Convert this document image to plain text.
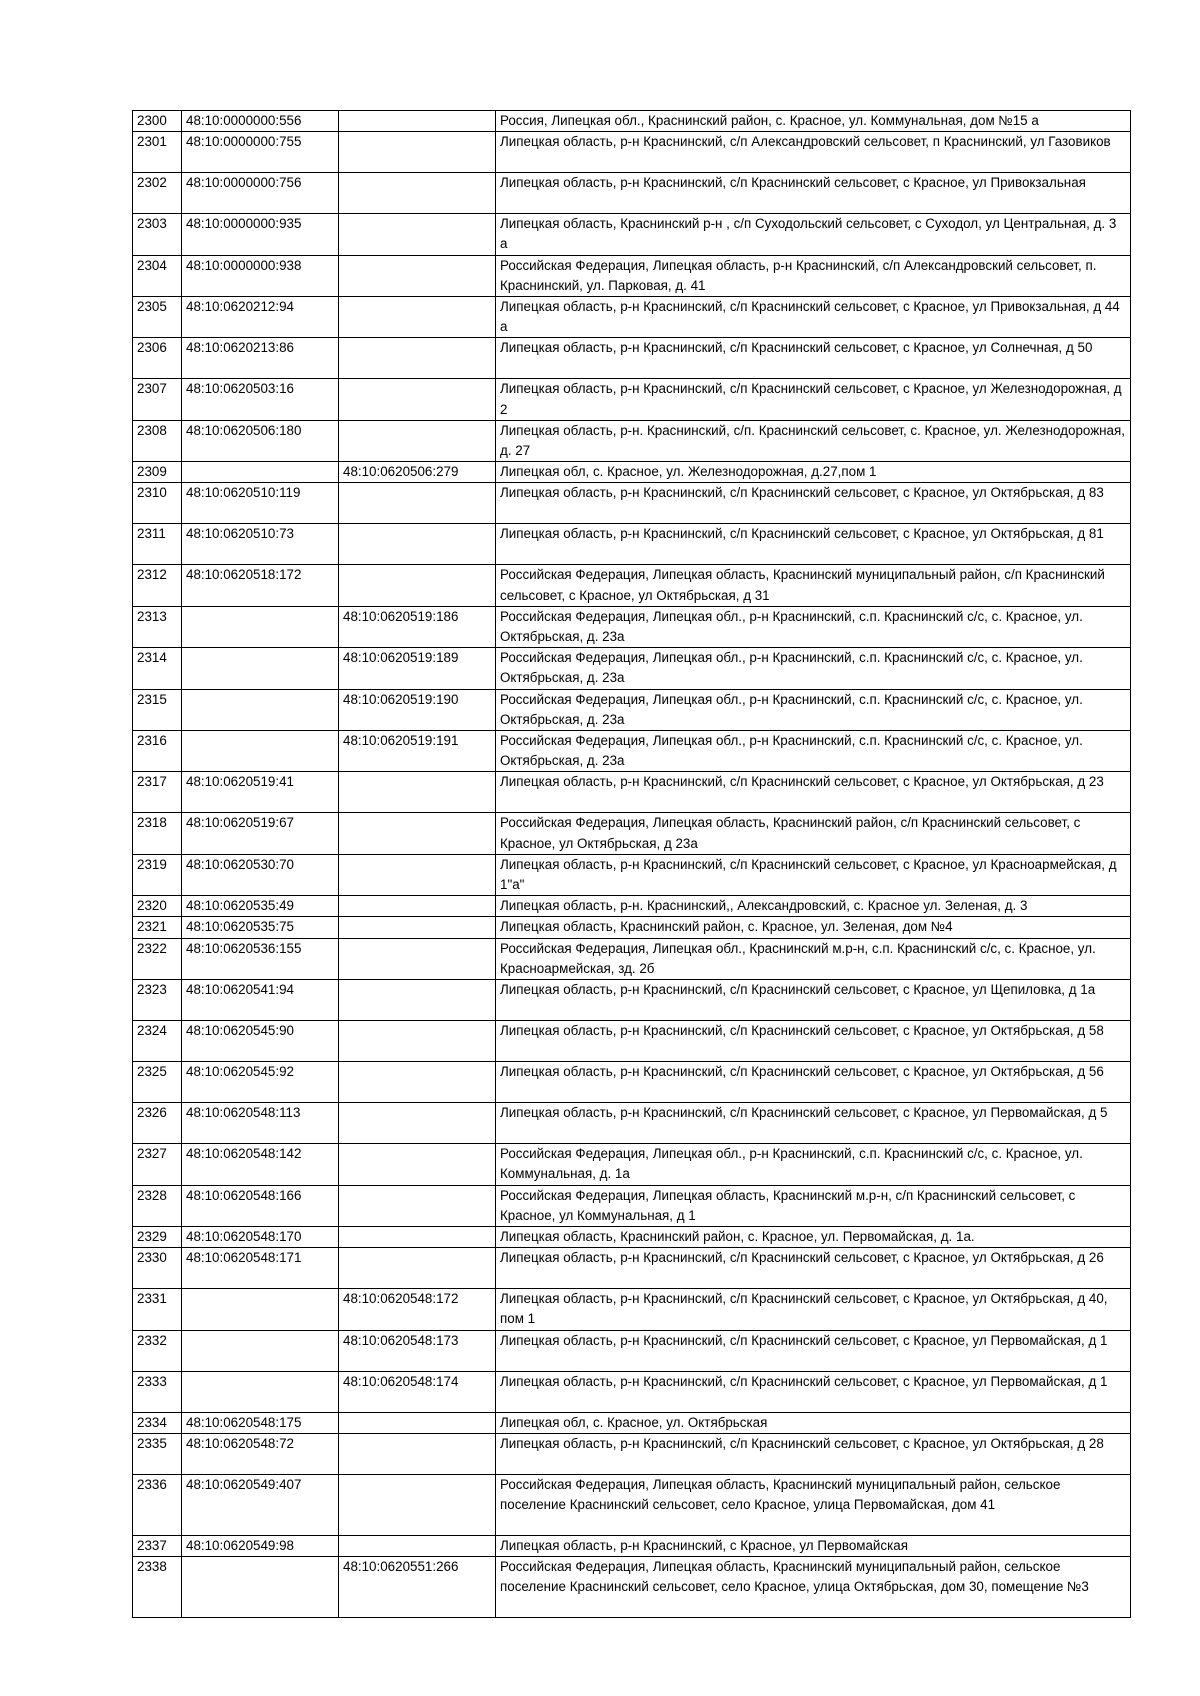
2300	48:10:0000000:556		Россия, Липецкая обл., Краснинский район, с. Красное, ул. Коммунальная, дом №15 а
2301	48:10:0000000:755		Липецкая область, р-н Краснинский, с/п Александровский сельсовет, п Краснинский, ул Газовиков
2302	48:10:0000000:756		Липецкая область, р-н Краснинский, с/п Краснинский сельсовет, с Красное, ул Привокзальная
2303	48:10:0000000:935		Липецкая область, Краснинский р-н , с/п Суходольский сельсовет, с Суходол, ул Центральная, д. 3 а
2304	48:10:0000000:938		Российская Федерация, Липецкая область, р-н Краснинский, с/п Александровский сельсовет, п. Краснинский, ул. Парковая, д. 41
2305	48:10:0620212:94		Липецкая область, р-н Краснинский, с/п Краснинский сельсовет, с Красное, ул Привокзальная, д 44 а
2306	48:10:0620213:86		Липецкая область, р-н Краснинский, с/п Краснинский сельсовет, с Красное, ул Солнечная, д 50
2307	48:10:0620503:16		Липецкая область, р-н Краснинский, с/п Краснинский сельсовет, с Красное, ул Железнодорожная, д 2
2308	48:10:0620506:180		Липецкая область, р-н. Краснинский, с/п. Краснинский сельсовет, с. Красное, ул. Железнодорожная, д. 27
2309		48:10:0620506:279	Липецкая обл, с. Красное, ул. Железнодорожная, д.27,пом 1
2310	48:10:0620510:119		Липецкая область, р-н Краснинский, с/п Краснинский сельсовет, с Красное, ул Октябрьская, д 83
2311	48:10:0620510:73		Липецкая область, р-н Краснинский, с/п Краснинский сельсовет, с Красное, ул Октябрьская, д 81
2312	48:10:0620518:172		Российская Федерация, Липецкая область, Краснинский муниципальный район, с/п Краснинский сельсовет, с Красное, ул Октябрьская, д 31
2313		48:10:0620519:186	Российская Федерация, Липецкая обл., р-н Краснинский, с.п. Краснинский с/с, с. Красное, ул. Октябрьская, д. 23а
2314		48:10:0620519:189	Российская Федерация, Липецкая обл., р-н Краснинский, с.п. Краснинский с/с, с. Красное, ул. Октябрьская, д. 23а
2315		48:10:0620519:190	Российская Федерация, Липецкая обл., р-н Краснинский, с.п. Краснинский с/с, с. Красное, ул. Октябрьская, д. 23а
2316		48:10:0620519:191	Российская Федерация, Липецкая обл., р-н Краснинский, с.п. Краснинский с/с, с. Красное, ул. Октябрьская, д. 23а
2317	48:10:0620519:41		Липецкая область, р-н Краснинский, с/п Краснинский сельсовет, с Красное, ул Октябрьская, д 23
2318	48:10:0620519:67		Российская Федерация, Липецкая область, Краснинский район, с/п Краснинский сельсовет, с Красное, ул Октябрьская, д 23а
2319	48:10:0620530:70		Липецкая область, р-н Краснинский, с/п Краснинский сельсовет, с Красное, ул Красноармейская, д 1"а"
2320	48:10:0620535:49		Липецкая область, р-н. Краснинский,, Александровский, с. Красное ул. Зеленая, д. 3
2321	48:10:0620535:75		Липецкая область, Краснинский район, с. Красное, ул. Зеленая, дом №4
2322	48:10:0620536:155		Российская Федерация, Липецкая обл., Краснинский м.р-н, с.п. Краснинский с/с, с. Красное, ул. Красноармейская, зд. 2б
2323	48:10:0620541:94		Липецкая область, р-н Краснинский, с/п Краснинский сельсовет, с Красное, ул Щепиловка, д 1а
2324	48:10:0620545:90		Липецкая область, р-н Краснинский, с/п Краснинский сельсовет, с Красное, ул Октябрьская, д 58
2325	48:10:0620545:92		Липецкая область, р-н Краснинский, с/п Краснинский сельсовет, с Красное, ул Октябрьская, д 56
2326	48:10:0620548:113		Липецкая область, р-н Краснинский, с/п Краснинский сельсовет, с Красное, ул Первомайская, д 5
2327	48:10:0620548:142		Российская Федерация, Липецкая обл., р-н Краснинский, с.п. Краснинский с/с, с. Красное, ул. Коммунальная, д. 1а
2328	48:10:0620548:166		Российская Федерация, Липецкая область, Краснинский м.р-н, с/п Краснинский сельсовет, с Красное, ул Коммунальная, д 1
2329	48:10:0620548:170		Липецкая область, Краснинский район, с. Красное, ул. Первомайская, д. 1а.
2330	48:10:0620548:171		Липецкая область, р-н Краснинский, с/п Краснинский сельсовет, с Красное, ул Октябрьская, д 26
2331		48:10:0620548:172	Липецкая область, р-н Краснинский, с/п Краснинский сельсовет, с Красное, ул Октябрьская, д 40, пом 1
2332		48:10:0620548:173	Липецкая область, р-н Краснинский, с/п Краснинский сельсовет, с Красное, ул Первомайская, д 1
2333		48:10:0620548:174	Липецкая область, р-н Краснинский, с/п Краснинский сельсовет, с Красное, ул Первомайская, д 1
2334	48:10:0620548:175		Липецкая обл, с. Красное, ул. Октябрьская
2335	48:10:0620548:72		Липецкая область, р-н Краснинский, с/п Краснинский сельсовет, с Красное, ул Октябрьская, д 28
2336	48:10:0620549:407		Российская Федерация, Липецкая область, Краснинский муниципальный район, сельское поселение Краснинский сельсовет, село Красное, улица Первомайская, дом 41
2337	48:10:0620549:98		Липецкая область, р-н Краснинский, с Красное, ул Первомайская
2338		48:10:0620551:266	Российская Федерация, Липецкая область, Краснинский муниципальный район, сельское поселение Краснинский сельсовет, село Красное, улица Октябрьская, дом 30, помещение №3
